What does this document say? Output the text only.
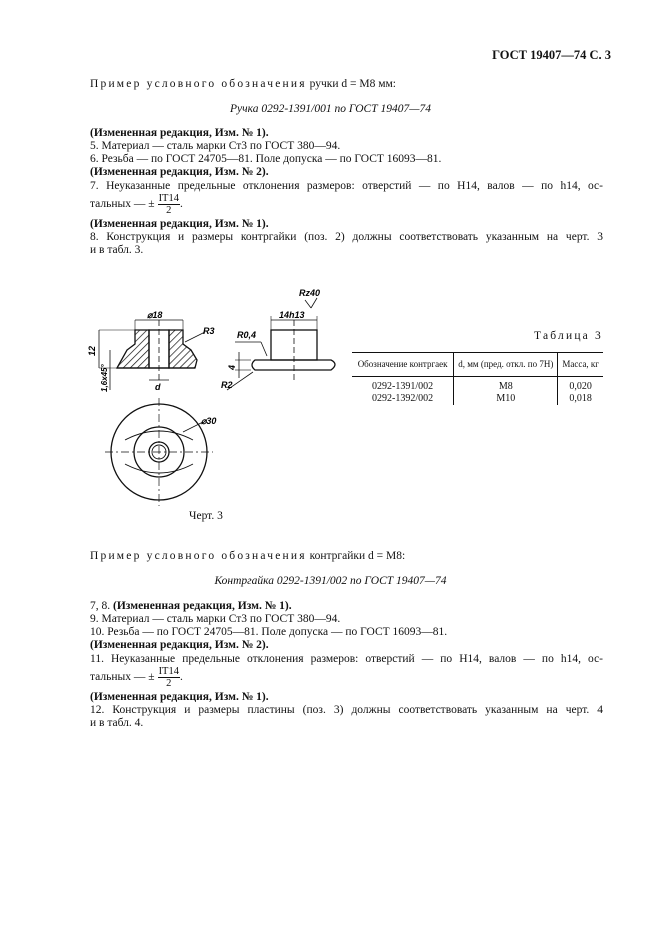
ГОСТ 19407—74 С. 3
Пример условного обозначения ручки d = M8 мм:
Ручка 0292-1391/001 по ГОСТ 19407—74
(Измененная редакция, Изм. № 1).
5. Материал — сталь марки Ст3 по ГОСТ 380—94.
6. Резьба — по ГОСТ 24705—81. Поле допуска — по ГОСТ 16093—81.
(Измененная редакция, Изм. № 2).
7. Неуказанные предельные отклонения размеров: отверстий — по H14, валов — по h14, ос-
тальных — ± $\frac{IT14}{2}$ .
(Измененная редакция, Изм. № 1).
8. Конструкция и размеры контргайки (поз. 2) должны соответствовать указанным на черт. 3
и в табл. 3.
⌀18
R3
12
1,6x45°	d
Rz40
14h13
R0,4
4
R2
⌀30
Черт. 3
Таблица 3
Обозначение контргаек	d, мм (пред. откл. по 7H)	Масса, кг
0292-1391/002	M8	0,020
0292-1392/002	M10	0,018
Пример условного обозначения контргайки d = M8:
Контргайка 0292-1391/002 по ГОСТ 19407—74
7, 8. (Измененная редакция, Изм. № 1).
9. Материал — сталь марки Ст3 по ГОСТ 380—94.
10. Резьба — по ГОСТ 24705—81. Поле допуска — по ГОСТ 16093—81.
(Измененная редакция, Изм. № 2).
11. Неуказанные предельные отклонения размеров: отверстий — по H14, валов — по h14, ос-
тальных — ± $\frac{IT14}{2}$ .
(Измененная редакция, Изм. № 1).
12. Конструкция и размеры пластины (поз. 3) должны соответствовать указанным на черт. 4
и в табл. 4.
